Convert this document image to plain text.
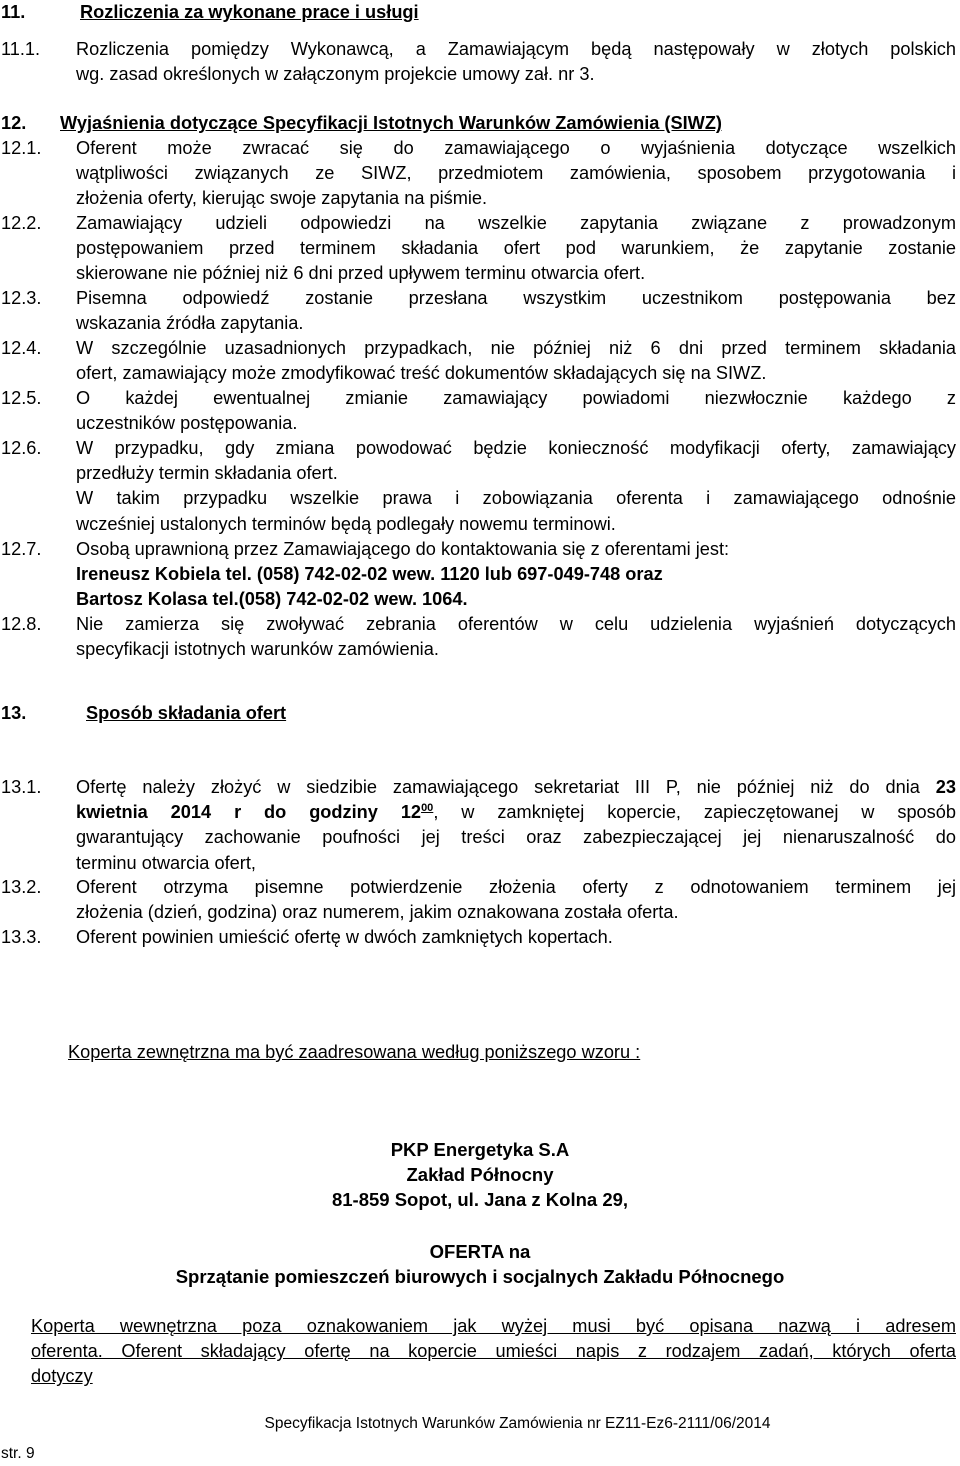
11.	Rozliczenia za wykonane prace i usługi
11.1. Rozliczenia pomiędzy Wykonawcą, a Zamawiającym będą następowały w złotych polskich
wg. zasad określonych w załączonym projekcie umowy zał. nr 3.
12. Wyjaśnienia dotyczące Specyfikacji Istotnych Warunków Zamówienia (SIWZ)
12.1. Oferent może zwracać się do zamawiającego o wyjaśnienia dotyczące wszelkich
wątpliwości związanych ze SIWZ, przedmiotem zamówienia, sposobem przygotowania i
złożenia oferty, kierując swoje zapytania na piśmie.
12.2. Zamawiający udzieli odpowiedzi na wszelkie zapytania związane z prowadzonym
postępowaniem przed terminem składania ofert pod warunkiem, że zapytanie zostanie
skierowane nie później niż 6 dni przed upływem terminu otwarcia ofert.
12.3. Pisemna odpowiedź zostanie przesłana wszystkim uczestnikom postępowania bez
wskazania źródła zapytania.
12.4. W szczególnie uzasadnionych przypadkach, nie później niż 6 dni przed terminem składania
ofert, zamawiający może zmodyfikować treść dokumentów składających się na SIWZ.
12.5. O każdej ewentualnej zmianie zamawiający powiadomi niezwłocznie każdego z
uczestników postępowania.
12.6. W przypadku, gdy zmiana powodować będzie konieczność modyfikacji oferty, zamawiający
przedłuży termin składania ofert.
W takim przypadku wszelkie prawa i zobowiązania oferenta i zamawiającego odnośnie
wcześniej ustalonych terminów będą podlegały nowemu terminowi.
12.7. Osobą uprawnioną przez Zamawiającego do kontaktowania się z oferentami jest:
Ireneusz Kobiela tel. (058) 742-02-02 wew. 1120 lub 697-049-748 oraz
Bartosz Kolasa tel.(058) 742-02-02 wew. 1064.
12.8. Nie zamierza się zwoływać zebrania oferentów w celu udzielenia wyjaśnień dotyczących
specyfikacji istotnych warunków zamówienia.
13.	Sposób składania ofert
13.1. Ofertę należy złożyć w siedzibie zamawiającego sekretariat III P, nie później niż do dnia 23
kwietnia 2014 r do godziny $12^{00}$, w zamkniętej kopercie, zapieczętowanej w sposób
gwarantujący zachowanie poufności jej treści oraz zabezpieczającej jej nienaruszalność do
terminu otwarcia ofert,
13.2. Oferent otrzyma pisemne potwierdzenie złożenia oferty z odnotowaniem terminem jej
złożenia (dzień, godzina) oraz numerem, jakim oznakowana została oferta.
13.3. Oferent powinien umieścić ofertę w dwóch zamkniętych kopertach.
Koperta zewnętrzna ma być zaadresowana według poniższego wzoru :
PKP Energetyka S.A
Zakład Północny
81-859 Sopot, ul. Jana z Kolna 29,
OFERTA na
Sprzątanie pomieszczeń biurowych i socjalnych Zakładu Północnego
Koperta wewnętrzna poza oznakowaniem jak wyżej musi być opisana nazwą i adresem
oferenta. Oferent składający ofertę na kopercie umieści napis z rodzajem zadań, których oferta
dotyczy
Specyfikacja Istotnych Warunków Zamówienia nr EZ11-Ez6-2111/06/2014
str. 9
